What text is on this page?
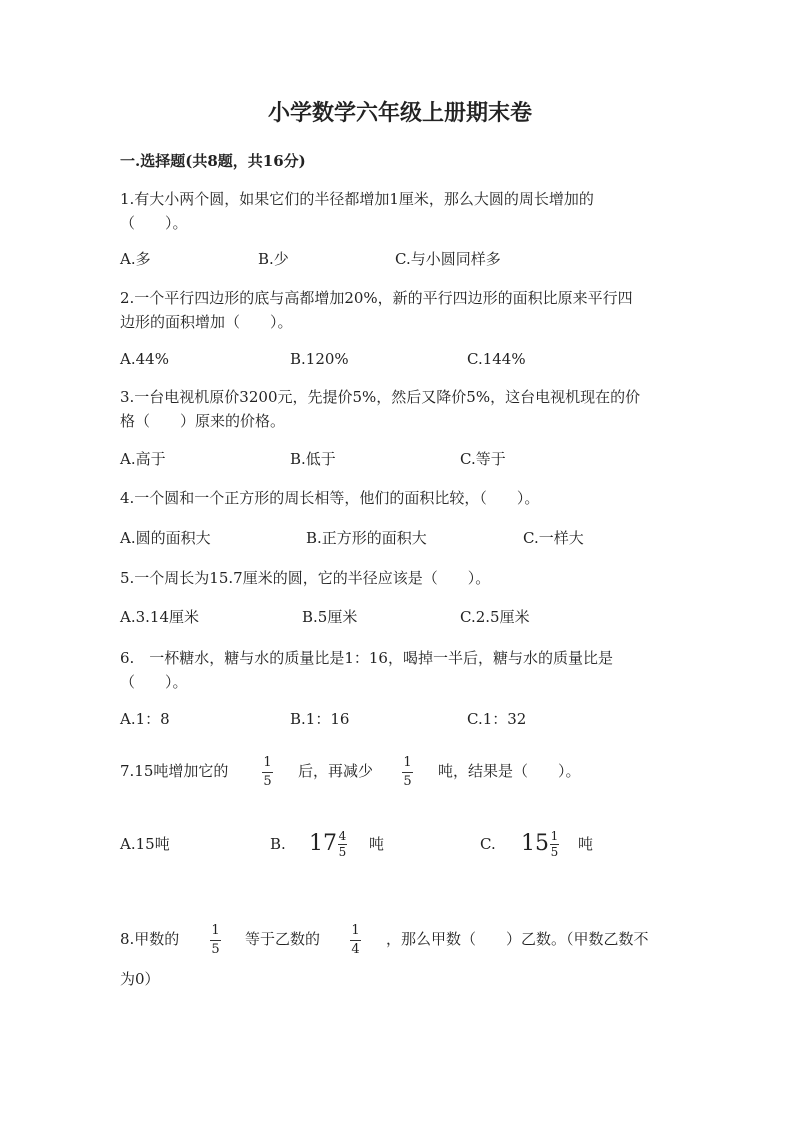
小学数学六年级上册期末卷
一.选择题(共8题，共16分)
1.有大小两个圆，如果它们的半径都增加1厘米，那么大圆的周长增加的
（　　）。
A.多	B.少	C.与小圆同样多
2.一个平行四边形的底与高都增加20%，新的平行四边形的面积比原来平行四
边形的面积增加（　　）。
A.44%	B.120%	C.144%
3.一台电视机原价3200元，先提价5%，然后又降价5%，这台电视机现在的价
格（　　）原来的价格。
A.高于	B.低于	C.等于
4.一个圆和一个正方形的周长相等，他们的面积比较，（　　）。
A.圆的面积大	B.正方形的面积大	C.一样大
5.一个周长为15.7厘米的圆，它的半径应该是（　　）。
A.3.14厘米	B.5厘米	C.2.5厘米
6.　一杯糖水，糖与水的质量比是1：16，喝掉一半后，糖与水的质量比是
（　　）。
A.1：8	B.1：16	C.1：32
7.15吨增加它的	1
5
后，再减少 1
5
吨，结果是（　　）。
A.15吨	B. 17 4
5 吨	C. 15 1
5 吨
8.甲数的 1
5
等于乙数的 1
4
，那么甲数（　　）乙数。（甲数乙数不
为0）
